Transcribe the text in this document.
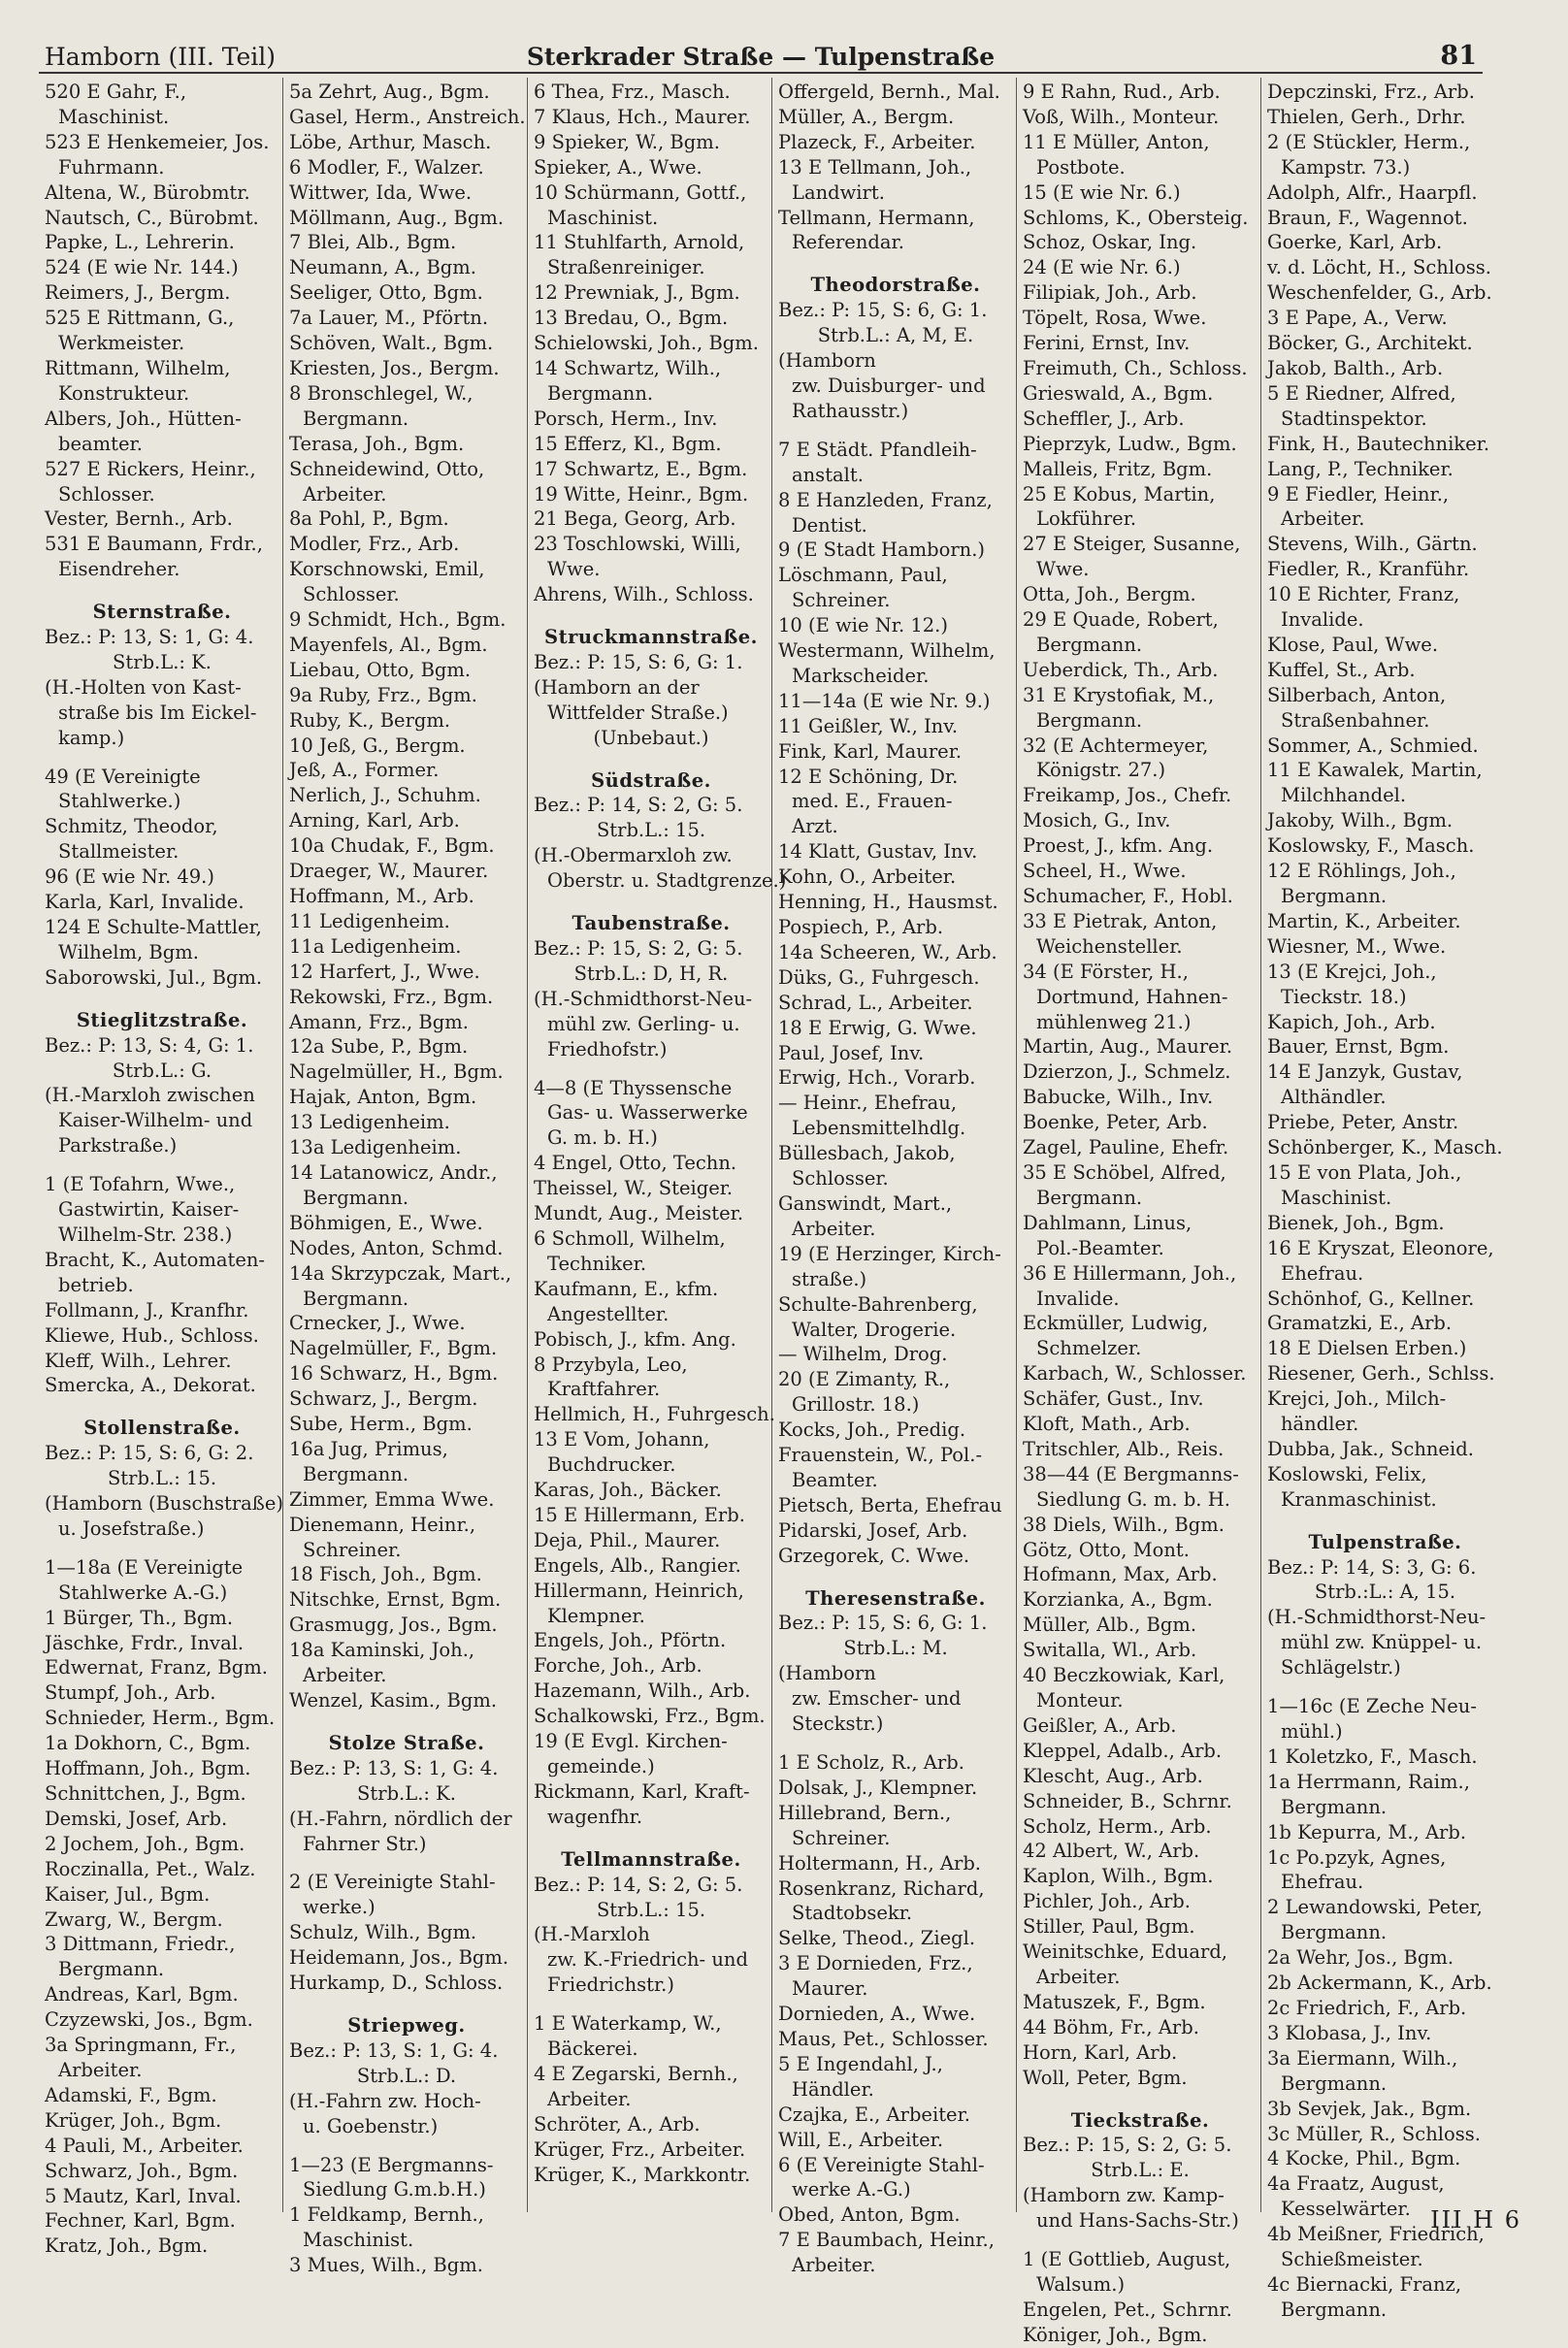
Hamborn (III. Teil)	Sterkrader Straße — Tulpenstraße	81
520 E Gahr, F.,
Maschinist.
523 E Henkemeier, Jos.
Fuhrmann.
Altena, W., Bürobmtr.
Nautsch, C., Bürobmt.
Papke, L., Lehrerin.
524 (E wie Nr. 144.)
Reimers, J., Bergm.
525 E Rittmann, G.,
Werkmeister.
Rittmann, Wilhelm,
Konstrukteur.
Albers, Joh., Hütten-
beamter.
527 E Rickers, Heinr.,
Schlosser.
Vester, Bernh., Arb.
531 E Baumann, Frdr.,
Eisendreher.
Sternstraße.
Bez.: P: 13, S: 1, G: 4.
Strb.L.: K.
(H.-Holten von Kast-
straße bis Im Eickel-
kamp.)
49 (E Vereinigte
Stahlwerke.)
Schmitz, Theodor,
Stallmeister.
96 (E wie Nr. 49.)
Karla, Karl, Invalide.
124 E Schulte-Mattler,
Wilhelm, Bgm.
Saborowski, Jul., Bgm.
Stieglitzstraße.
Bez.: P: 13, S: 4, G: 1.
Strb.L.: G.
(H.-Marxloh zwischen
Kaiser-Wilhelm- und
Parkstraße.)
1 (E Tofahrn, Wwe.,
Gastwirtin, Kaiser-
Wilhelm-Str. 238.)
Bracht, K., Automaten-
betrieb.
Follmann, J., Kranfhr.
Kliewe, Hub., Schloss.
Kleff, Wilh., Lehrer.
Smercka, A., Dekorat.
Stollenstraße.
Bez.: P: 15, S: 6, G: 2.
Strb.L.: 15.
(Hamborn (Buschstraße)
u. Josefstraße.)
1—18a (E Vereinigte
Stahlwerke A.-G.)
1 Bürger, Th., Bgm.
Jäschke, Frdr., Inval.
Edwernat, Franz, Bgm.
Stumpf, Joh., Arb.
Schnieder, Herm., Bgm.
1a Dokhorn, C., Bgm.
Hoffmann, Joh., Bgm.
Schnittchen, J., Bgm.
Demski, Josef, Arb.
2 Jochem, Joh., Bgm.
Roczinalla, Pet., Walz.
Kaiser, Jul., Bgm.
Zwarg, W., Bergm.
3 Dittmann, Friedr.,
Bergmann.
Andreas, Karl, Bgm.
Czyzewski, Jos., Bgm.
3a Springmann, Fr.,
Arbeiter.
Adamski, F., Bgm.
Krüger, Joh., Bgm.
4 Pauli, M., Arbeiter.
Schwarz, Joh., Bgm.
5 Mautz, Karl, Inval.
Fechner, Karl, Bgm.
Kratz, Joh., Bgm.
5a Zehrt, Aug., Bgm.
Gasel, Herm., Anstreich.
Löbe, Arthur, Masch.
6 Modler, F., Walzer.
Wittwer, Ida, Wwe.
Möllmann, Aug., Bgm.
7 Blei, Alb., Bgm.
Neumann, A., Bgm.
Seeliger, Otto, Bgm.
7a Lauer, M., Pförtn.
Schöven, Walt., Bgm.
Kriesten, Jos., Bergm.
8 Bronschlegel, W.,
Bergmann.
Terasa, Joh., Bgm.
Schneidewind, Otto,
Arbeiter.
8a Pohl, P., Bgm.
Modler, Frz., Arb.
Korschnowski, Emil,
Schlosser.
9 Schmidt, Hch., Bgm.
Mayenfels, Al., Bgm.
Liebau, Otto, Bgm.
9a Ruby, Frz., Bgm.
Ruby, K., Bergm.
10 Jeß, G., Bergm.
Jeß, A., Former.
Nerlich, J., Schuhm.
Arning, Karl, Arb.
10a Chudak, F., Bgm.
Draeger, W., Maurer.
Hoffmann, M., Arb.
11 Ledigenheim.
11a Ledigenheim.
12 Harfert, J., Wwe.
Rekowski, Frz., Bgm.
Amann, Frz., Bgm.
12a Sube, P., Bgm.
Nagelmüller, H., Bgm.
Hajak, Anton, Bgm.
13 Ledigenheim.
13a Ledigenheim.
14 Latanowicz, Andr.,
Bergmann.
Böhmigen, E., Wwe.
Nodes, Anton, Schmd.
14a Skrzypczak, Mart.,
Bergmann.
Crnecker, J., Wwe.
Nagelmüller, F., Bgm.
16 Schwarz, H., Bgm.
Schwarz, J., Bergm.
Sube, Herm., Bgm.
16a Jug, Primus,
Bergmann.
Zimmer, Emma Wwe.
Dienemann, Heinr.,
Schreiner.
18 Fisch, Joh., Bgm.
Nitschke, Ernst, Bgm.
Grasmugg, Jos., Bgm.
18a Kaminski, Joh.,
Arbeiter.
Wenzel, Kasim., Bgm.
Stolze Straße.
Bez.: P: 13, S: 1, G: 4.
Strb.L.: K.
(H.-Fahrn, nördlich der
Fahrner Str.)
2 (E Vereinigte Stahl-
werke.)
Schulz, Wilh., Bgm.
Heidemann, Jos., Bgm.
Hurkamp, D., Schloss.
Striepweg.
Bez.: P: 13, S: 1, G: 4.
Strb.L.: D.
(H.-Fahrn zw. Hoch-
u. Goebenstr.)
1—23 (E Bergmanns-
Siedlung G.m.b.H.)
1 Feldkamp, Bernh.,
Maschinist.
3 Mues, Wilh., Bgm.
6 Thea, Frz., Masch.
7 Klaus, Hch., Maurer.
9 Spieker, W., Bgm.
Spieker, A., Wwe.
10 Schürmann, Gottf.,
Maschinist.
11 Stuhlfarth, Arnold,
Straßenreiniger.
12 Prewniak, J., Bgm.
13 Bredau, O., Bgm.
Schielowski, Joh., Bgm.
14 Schwartz, Wilh.,
Bergmann.
Porsch, Herm., Inv.
15 Efferz, Kl., Bgm.
17 Schwartz, E., Bgm.
19 Witte, Heinr., Bgm.
21 Bega, Georg, Arb.
23 Toschlowski, Willi,
Wwe.
Ahrens, Wilh., Schloss.
Struckmannstraße.
Bez.: P: 15, S: 6, G: 1.
(Hamborn an der
Wittfelder Straße.)
(Unbebaut.)
Südstraße.
Bez.: P: 14, S: 2, G: 5.
Strb.L.: 15.
(H.-Obermarxloh zw.
Oberstr. u. Stadtgrenze.)
Taubenstraße.
Bez.: P: 15, S: 2, G: 5.
Strb.L.: D, H, R.
(H.-Schmidthorst-Neu-
mühl zw. Gerling- u.
Friedhofstr.)
4—8 (E Thyssensche
Gas- u. Wasserwerke
G. m. b. H.)
4 Engel, Otto, Techn.
Theissel, W., Steiger.
Mundt, Aug., Meister.
6 Schmoll, Wilhelm,
Techniker.
Kaufmann, E., kfm.
Angestellter.
Pobisch, J., kfm. Ang.
8 Przybyla, Leo,
Kraftfahrer.
Hellmich, H., Fuhrgesch.
13 E Vom, Johann,
Buchdrucker.
Karas, Joh., Bäcker.
15 E Hillermann, Erb.
Deja, Phil., Maurer.
Engels, Alb., Rangier.
Hillermann, Heinrich,
Klempner.
Engels, Joh., Pförtn.
Forche, Joh., Arb.
Hazemann, Wilh., Arb.
Schalkowski, Frz., Bgm.
19 (E Evgl. Kirchen-
gemeinde.)
Rickmann, Karl, Kraft-
wagenfhr.
Tellmannstraße.
Bez.: P: 14, S: 2, G: 5.
Strb.L.: 15.
(H.-Marxloh
zw. K.-Friedrich- und
Friedrichstr.)
1 E Waterkamp, W.,
Bäckerei.
4 E Zegarski, Bernh.,
Arbeiter.
Schröter, A., Arb.
Krüger, Frz., Arbeiter.
Krüger, K., Markkontr.
Offergeld, Bernh., Mal.
Müller, A., Bergm.
Plazeck, F., Arbeiter.
13 E Tellmann, Joh.,
Landwirt.
Tellmann, Hermann,
Referendar.
Theodorstraße.
Bez.: P: 15, S: 6, G: 1.
Strb.L.: A, M, E.
(Hamborn
zw. Duisburger- und
Rathausstr.)
7 E Städt. Pfandleih-
anstalt.
8 E Hanzleden, Franz,
Dentist.
9 (E Stadt Hamborn.)
Löschmann, Paul,
Schreiner.
10 (E wie Nr. 12.)
Westermann, Wilhelm,
Markscheider.
11—14a (E wie Nr. 9.)
11 Geißler, W., Inv.
Fink, Karl, Maurer.
12 E Schöning, Dr.
med. E., Frauen-
Arzt.
14 Klatt, Gustav, Inv.
Kohn, O., Arbeiter.
Henning, H., Hausmst.
Pospiech, P., Arb.
14a Scheeren, W., Arb.
Düks, G., Fuhrgesch.
Schrad, L., Arbeiter.
18 E Erwig, G. Wwe.
Paul, Josef, Inv.
Erwig, Hch., Vorarb.
— Heinr., Ehefrau,
Lebensmittelhdlg.
Büllesbach, Jakob,
Schlosser.
Ganswindt, Mart.,
Arbeiter.
19 (E Herzinger, Kirch-
straße.)
Schulte-Bahrenberg,
Walter, Drogerie.
— Wilhelm, Drog.
20 (E Zimanty, R.,
Grillostr. 18.)
Kocks, Joh., Predig.
Frauenstein, W., Pol.-
Beamter.
Pietsch, Berta, Ehefrau
Pidarski, Josef, Arb.
Grzegorek, C. Wwe.
Theresenstraße.
Bez.: P: 15, S: 6, G: 1.
Strb.L.: M.
(Hamborn
zw. Emscher- und
Steckstr.)
1 E Scholz, R., Arb.
Dolsak, J., Klempner.
Hillebrand, Bern.,
Schreiner.
Holtermann, H., Arb.
Rosenkranz, Richard,
Stadtobsekr.
Selke, Theod., Ziegl.
3 E Dornieden, Frz.,
Maurer.
Dornieden, A., Wwe.
Maus, Pet., Schlosser.
5 E Ingendahl, J.,
Händler.
Czajka, E., Arbeiter.
Will, E., Arbeiter.
6 (E Vereinigte Stahl-
werke A.-G.)
Obed, Anton, Bgm.
7 E Baumbach, Heinr.,
Arbeiter.
9 E Rahn, Rud., Arb.
Voß, Wilh., Monteur.
11 E Müller, Anton,
Postbote.
15 (E wie Nr. 6.)
Schloms, K., Obersteig.
Schoz, Oskar, Ing.
24 (E wie Nr. 6.)
Filipiak, Joh., Arb.
Töpelt, Rosa, Wwe.
Ferini, Ernst, Inv.
Freimuth, Ch., Schloss.
Grieswald, A., Bgm.
Scheffler, J., Arb.
Pieprzyk, Ludw., Bgm.
Malleis, Fritz, Bgm.
25 E Kobus, Martin,
Lokführer.
27 E Steiger, Susanne,
Wwe.
Otta, Joh., Bergm.
29 E Quade, Robert,
Bergmann.
Ueberdick, Th., Arb.
31 E Krystofiak, M.,
Bergmann.
32 (E Achtermeyer,
Königstr. 27.)
Freikamp, Jos., Chefr.
Mosich, G., Inv.
Proest, J., kfm. Ang.
Scheel, H., Wwe.
Schumacher, F., Hobl.
33 E Pietrak, Anton,
Weichensteller.
34 (E Förster, H.,
Dortmund, Hahnen-
mühlenweg 21.)
Martin, Aug., Maurer.
Dzierzon, J., Schmelz.
Babucke, Wilh., Inv.
Boenke, Peter, Arb.
Zagel, Pauline, Ehefr.
35 E Schöbel, Alfred,
Bergmann.
Dahlmann, Linus,
Pol.-Beamter.
36 E Hillermann, Joh.,
Invalide.
Eckmüller, Ludwig,
Schmelzer.
Karbach, W., Schlosser.
Schäfer, Gust., Inv.
Kloft, Math., Arb.
Tritschler, Alb., Reis.
38—44 (E Bergmanns-
Siedlung G. m. b. H.
38 Diels, Wilh., Bgm.
Götz, Otto, Mont.
Hofmann, Max, Arb.
Korzianka, A., Bgm.
Müller, Alb., Bgm.
Switalla, Wl., Arb.
40 Beczkowiak, Karl,
Monteur.
Geißler, A., Arb.
Kleppel, Adalb., Arb.
Klescht, Aug., Arb.
Schneider, B., Schrnr.
Scholz, Herm., Arb.
42 Albert, W., Arb.
Kaplon, Wilh., Bgm.
Pichler, Joh., Arb.
Stiller, Paul, Bgm.
Weinitschke, Eduard,
Arbeiter.
Matuszek, F., Bgm.
44 Böhm, Fr., Arb.
Horn, Karl, Arb.
Woll, Peter, Bgm.
Tieckstraße.
Bez.: P: 15, S: 2, G: 5.
Strb.L.: E.
(Hamborn zw. Kamp-
und Hans-Sachs-Str.)
1 (E Gottlieb, August,
Walsum.)
Engelen, Pet., Schrnr.
Königer, Joh., Bgm.
Depczinski, Frz., Arb.
Thielen, Gerh., Drhr.
2 (E Stückler, Herm.,
Kampstr. 73.)
Adolph, Alfr., Haarpfl.
Braun, F., Wagennot.
Goerke, Karl, Arb.
v. d. Löcht, H., Schloss.
Weschenfelder, G., Arb.
3 E Pape, A., Verw.
Böcker, G., Architekt.
Jakob, Balth., Arb.
5 E Riedner, Alfred,
Stadtinspektor.
Fink, H., Bautechniker.
Lang, P., Techniker.
9 E Fiedler, Heinr.,
Arbeiter.
Stevens, Wilh., Gärtn.
Fiedler, R., Kranführ.
10 E Richter, Franz,
Invalide.
Klose, Paul, Wwe.
Kuffel, St., Arb.
Silberbach, Anton,
Straßenbahner.
Sommer, A., Schmied.
11 E Kawalek, Martin,
Milchhandel.
Jakoby, Wilh., Bgm.
Koslowsky, F., Masch.
12 E Röhlings, Joh.,
Bergmann.
Martin, K., Arbeiter.
Wiesner, M., Wwe.
13 (E Krejci, Joh.,
Tieckstr. 18.)
Kapich, Joh., Arb.
Bauer, Ernst, Bgm.
14 E Janzyk, Gustav,
Althändler.
Priebe, Peter, Anstr.
Schönberger, K., Masch.
15 E von Plata, Joh.,
Maschinist.
Bienek, Joh., Bgm.
16 E Kryszat, Eleonore,
Ehefrau.
Schönhof, G., Kellner.
Gramatzki, E., Arb.
18 E Dielsen Erben.)
Riesener, Gerh., Schlss.
Krejci, Joh., Milch-
händler.
Dubba, Jak., Schneid.
Koslowski, Felix,
Kranmaschinist.
Tulpenstraße.
Bez.: P: 14, S: 3, G: 6.
Strb.:L.: A, 15.
(H.-Schmidthorst-Neu-
mühl zw. Knüppel- u.
Schlägelstr.)
1—16c (E Zeche Neu-
mühl.)
1 Koletzko, F., Masch.
1a Herrmann, Raim.,
Bergmann.
1b Kepurra, M., Arb.
1c Po.pzyk, Agnes,
Ehefrau.
2 Lewandowski, Peter,
Bergmann.
2a Wehr, Jos., Bgm.
2b Ackermann, K., Arb.
2c Friedrich, F., Arb.
3 Klobasa, J., Inv.
3a Eiermann, Wilh.,
Bergmann.
3b Sevjek, Jak., Bgm.
3c Müller, R., Schloss.
4 Kocke, Phil., Bgm.
4a Fraatz, August,
Kesselwärter.
4b Meißner, Friedrich,
Schießmeister.
4c Biernacki, Franz,
Bergmann.
III H 6
